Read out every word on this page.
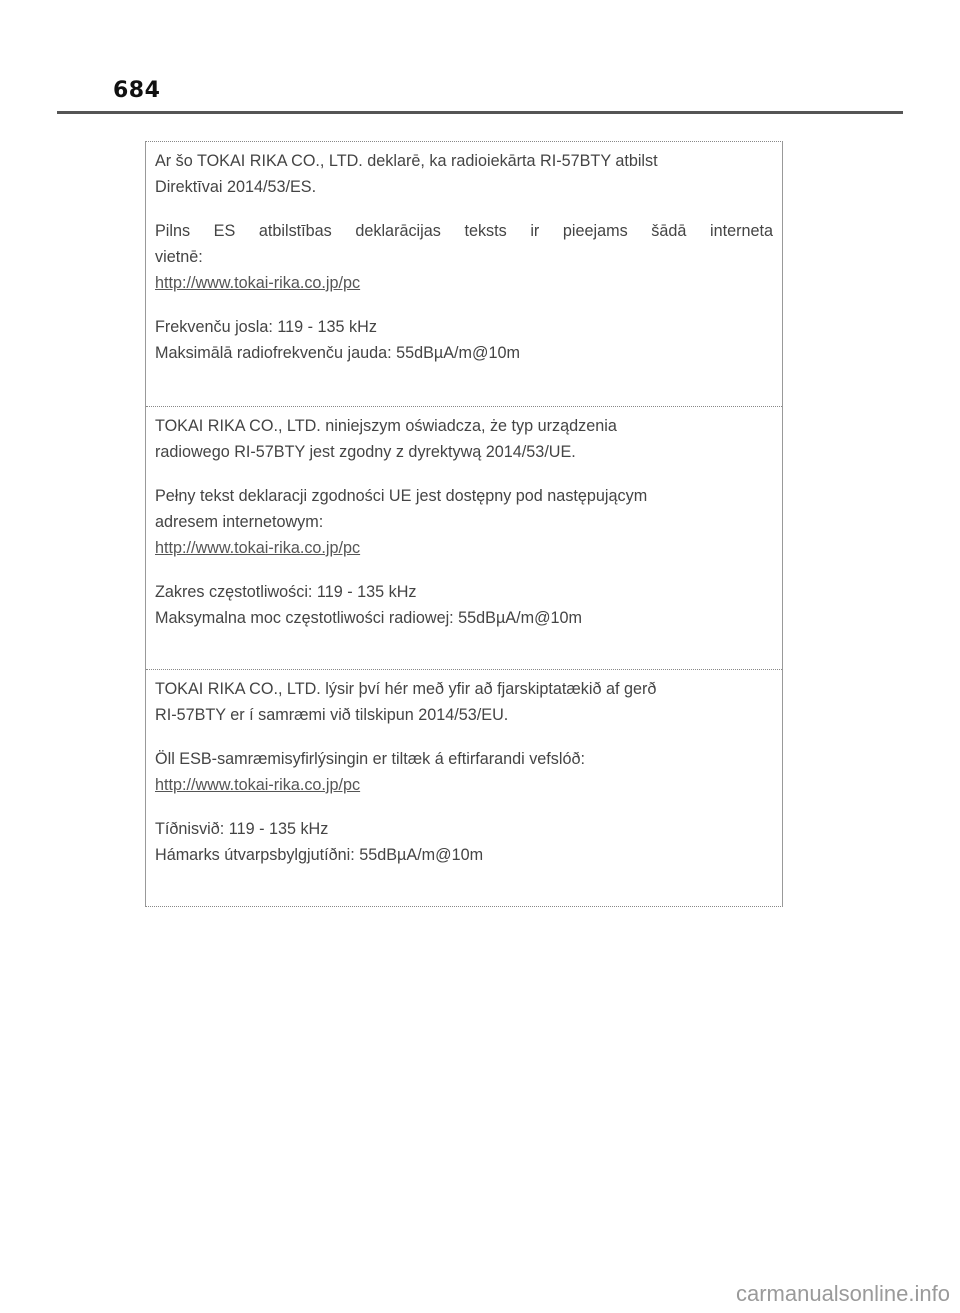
684

Ar šo TOKAI RIKA CO., LTD. deklarē, ka radioiekārta RI-57BTY atbilst

Direktīvai 2014/53/ES.

Pilns ES atbilstības deklarācijas teksts ir pieejams šādā interneta

vietnē:

http://www.tokai-rika.co.jp/pc

Frekvenču josla: 119 - 135 kHz

Maksimālā radiofrekvenču jauda: 55dBµA/m@10m

TOKAI RIKA CO., LTD. niniejszym oświadcza, że typ urządzenia

radiowego RI-57BTY jest zgodny z dyrektywą 2014/53/UE.

Pełny tekst deklaracji zgodności UE jest dostępny pod następującym

adresem internetowym:

http://www.tokai-rika.co.jp/pc

Zakres częstotliwości: 119 - 135 kHz

Maksymalna moc częstotliwości radiowej: 55dBµA/m@10m

TOKAI RIKA CO., LTD. lýsir því hér með yfir að fjarskiptatækið af gerð

RI-57BTY er í samræmi við tilskipun 2014/53/EU.

Öll ESB-samræmisyfirlýsingin er tiltæk á eftirfarandi vefslóð:

http://www.tokai-rika.co.jp/pc

Tíðnisvið: 119 - 135 kHz

Hámarks útvarpsbylgjutíðni: 55dBµA/m@10m

carmanualsonline.info
